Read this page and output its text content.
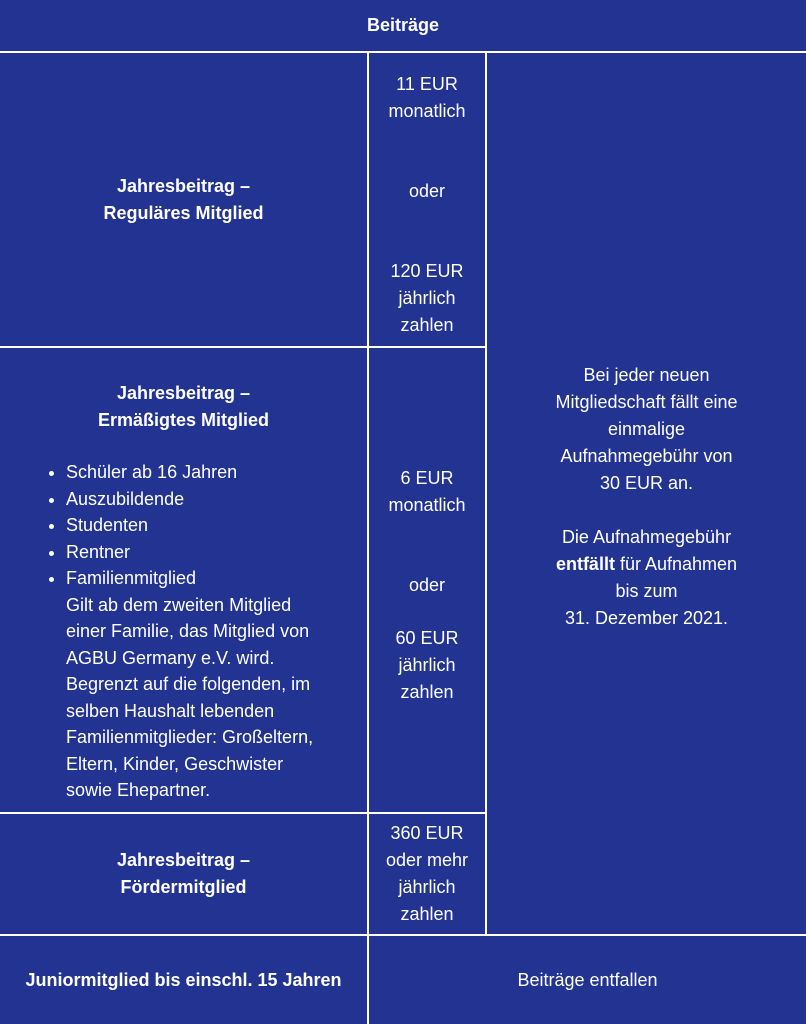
Beiträge
Jahresbeitrag –
Reguläres Mitglied
11 EUR
monatlich
oder
120 EUR
jährlich
zahlen
Jahresbeitrag –
Ermäßigtes Mitglied
• Schüler ab 16 Jahren
• Auszubildende
• Studenten
• Rentner
• Familienmitglied
Gilt ab dem zweiten Mitglied
einer Familie, das Mitglied von
AGBU Germany e.V. wird.
Begrenzt auf die folgenden, im
selben Haushalt lebenden
Familienmitglieder: Großeltern,
Eltern, Kinder, Geschwister
sowie Ehepartner.
6 EUR
monatlich
oder
60 EUR
jährlich
zahlen
Jahresbeitrag –
Fördermitglied
360 EUR
oder mehr
jährlich
zahlen
Bei jeder neuen
Mitgliedschaft fällt eine
einmalige
Aufnahmegebühr von
30 EUR an.
Die Aufnahmegebühr
entfällt für Aufnahmen
bis zum
31. Dezember 2021.
Juniormitglied bis einschl. 15 Jahren	Beiträge entfallen
